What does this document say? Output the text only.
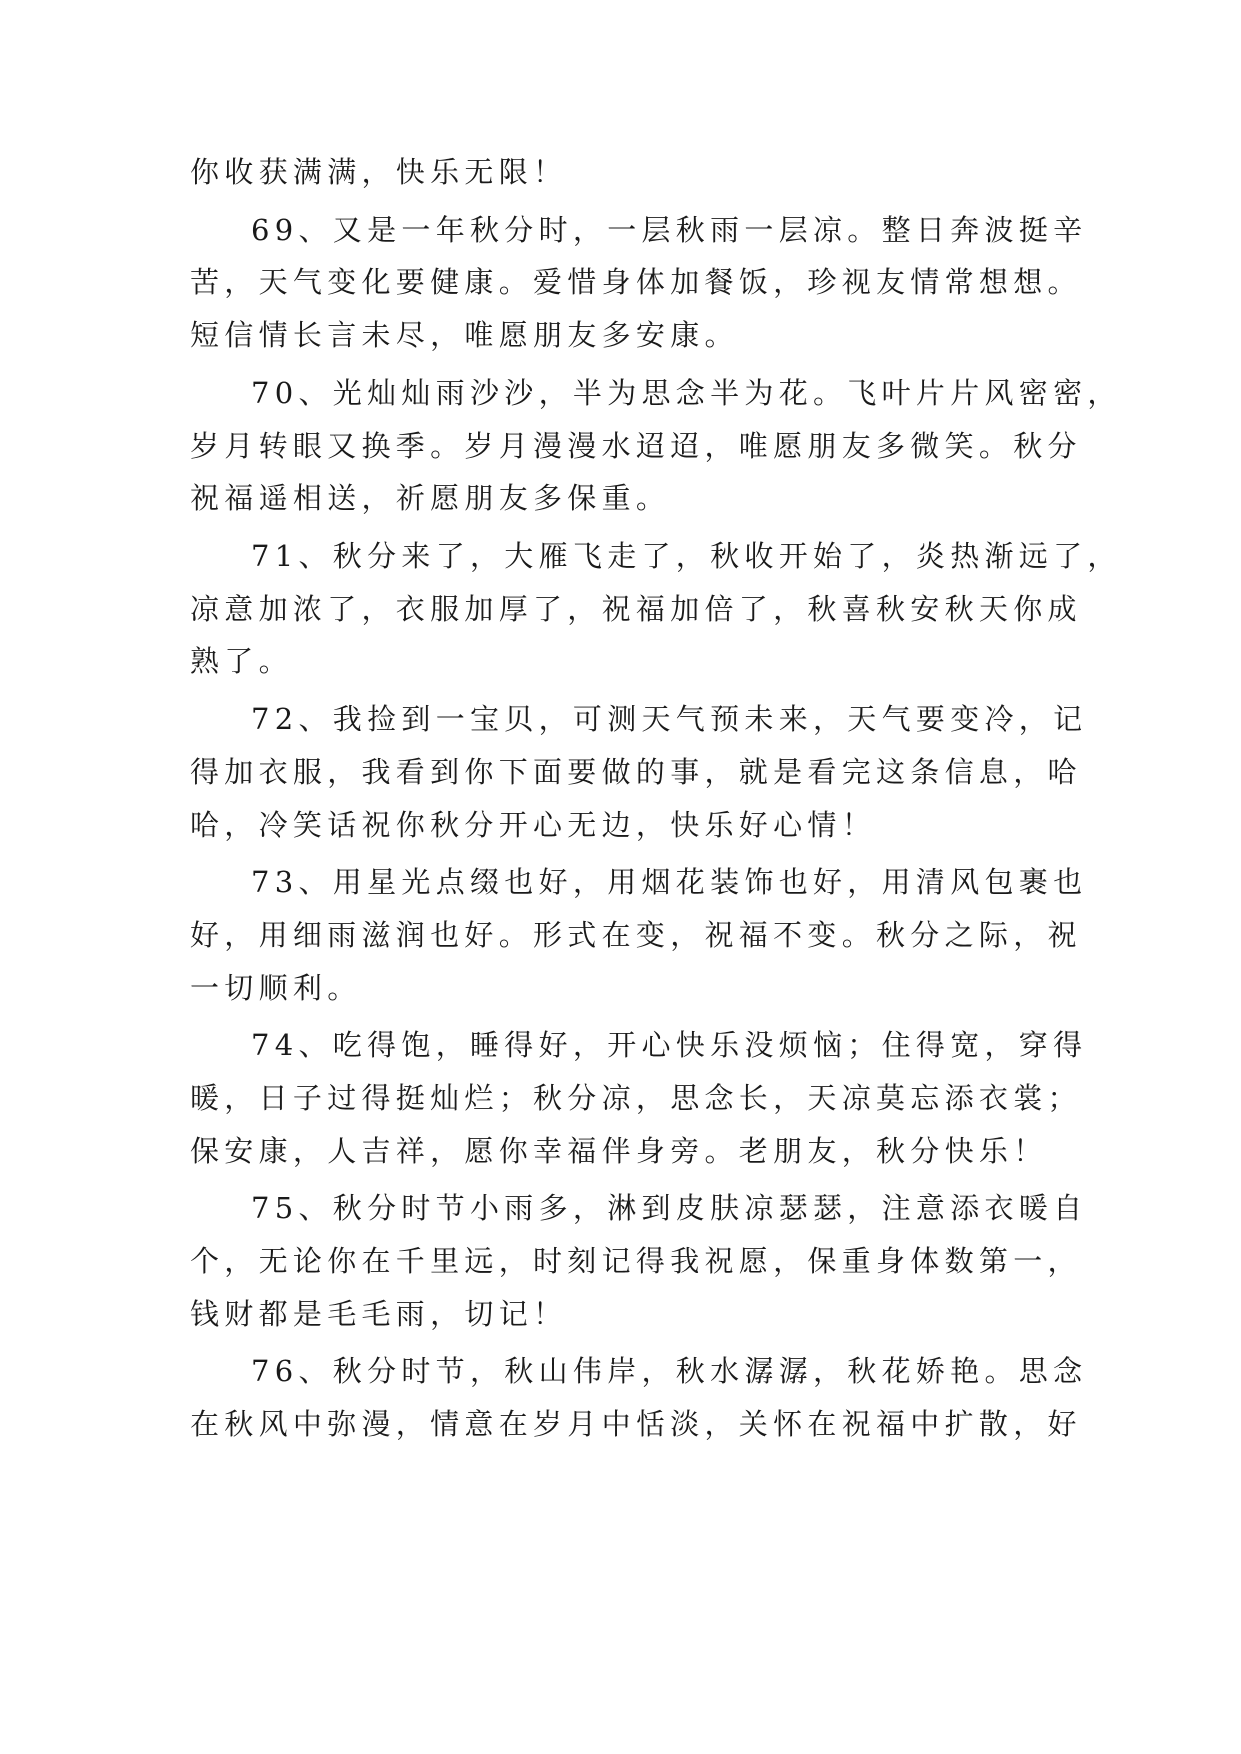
你收获满满，快乐无限！
69、又是一年秋分时，一层秋雨一层凉。整日奔波挺辛
苦，天气变化要健康。爱惜身体加餐饭，珍视友情常想想。
短信情长言未尽，唯愿朋友多安康。
70、光灿灿雨沙沙，半为思念半为花。飞叶片片风密密，
岁月转眼又换季。岁月漫漫水迢迢，唯愿朋友多微笑。秋分
祝福遥相送，祈愿朋友多保重。
71、秋分来了，大雁飞走了，秋收开始了，炎热渐远了，
凉意加浓了，衣服加厚了，祝福加倍了，秋喜秋安秋天你成
熟了。
72、我捡到一宝贝，可测天气预未来，天气要变冷，记
得加衣服，我看到你下面要做的事，就是看完这条信息，哈
哈，冷笑话祝你秋分开心无边，快乐好心情！
73、用星光点缀也好，用烟花装饰也好，用清风包裹也
好，用细雨滋润也好。形式在变，祝福不变。秋分之际，祝
一切顺利。
74、吃得饱，睡得好，开心快乐没烦恼；住得宽，穿得
暖，日子过得挺灿烂；秋分凉，思念长，天凉莫忘添衣裳；
保安康，人吉祥，愿你幸福伴身旁。老朋友，秋分快乐！
75、秋分时节小雨多，淋到皮肤凉瑟瑟，注意添衣暖自
个，无论你在千里远，时刻记得我祝愿，保重身体数第一，
钱财都是毛毛雨，切记！
76、秋分时节，秋山伟岸，秋水潺潺，秋花娇艳。思念
在秋风中弥漫，情意在岁月中恬淡，关怀在祝福中扩散，好
